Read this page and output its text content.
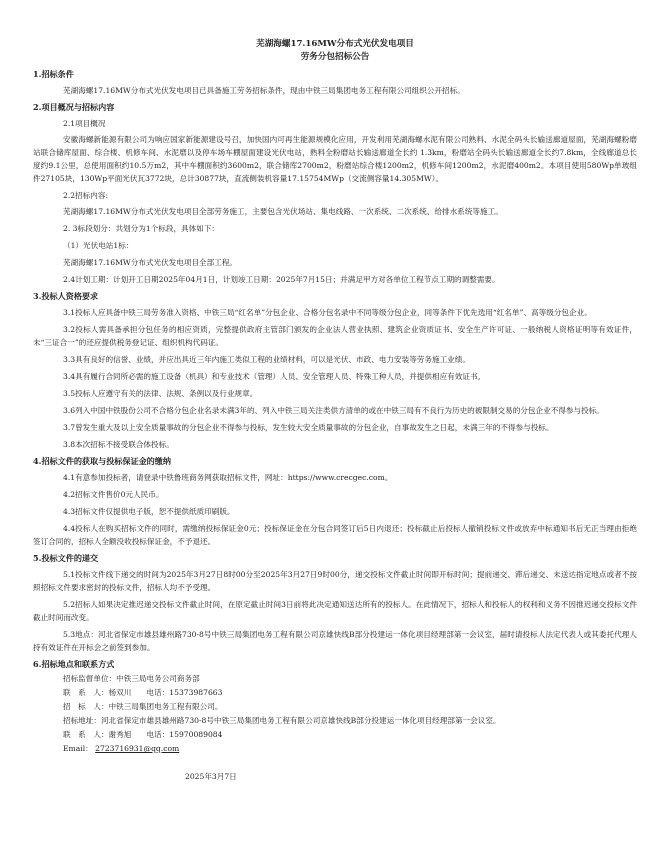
芜湖海螺17.16MW分布式光伏发电项目
劳务分包招标公告
1.招标条件
芜湖海螺17.16MW分布式光伏发电项目已具备施工劳务招标条件，现由中铁三局集团电务工程有限公司组织公开招标。
2.项目概况与招标内容
2.1项目概况
安徽海螺新能源有限公司为响应国家新能源建设号召，加快国内可再生能源规模化应用，开发利用芜湖海螺水泥有限公司熟料、水泥全码头长输送廊道屋面，芜湖海螺粉磨站联合储库屋面、综合楼、机修车间、水泥磨以及停车场车棚屋面建设光伏电站，熟料全粉磨站长输送廊道全长约 1.3km，粉磨站全码头长输送廊道全长约7.8km，全线廊道总长度约9.1公里，总使用面积约10.5万m2，其中车棚面积约3600m2，联合储库2700m2，粉磨站综合楼1200m2，机修车间1200m2，水泥磨400m2。本项目使用580Wp单玻组件27105块，130Wp平面光伏瓦3772块，总计30877块，直流侧装机容量17.15754MWp（交流侧容量14.305MW）。
2.2招标内容:
芜湖海螺17.16MW分布式光伏发电项目全部劳务施工，主要包含光伏场站、集电线路、一次系统、二次系统、给排水系统等施工。
2. 3标段划分：共划分为1个标段，具体如下：
（1）光伏电站1标：
芜湖海螺17.16MW分布式光伏发电项目全部工程。
2.4计划工期：计划开工日期2025年04月1日，计划竣工日期：2025年7月15日；并满足甲方对各单位工程节点工期的调整需要。
3.投标人资格要求
3.1投标人应具备中铁三局劳务准入资格、中铁三局“红名单”分包企业、合格分包名录中不同等级分包企业，同等条件下优先选用“红名单”、高等级分包企业。
3.2投标人需具备承担分包任务的相应资质，完整提供政府主管部门颁发的企业法人营业执照、建筑企业资质证书、安全生产许可证、一般纳税人资格证明等有效证件，未“三证合一”的还应提供税务登记证、组织机构代码证。
3.3具有良好的信誉、业绩，并应出具近三年内施工类似工程的业绩材料，可以是光伏、市政、电力安装等劳务施工业绩。
3.4具有履行合同所必需的施工设备（机具）和专业技术（管理）人员、安全管理人员、特殊工种人员，并提供相应有效证书。
3.5投标人应遵守有关的法律、法规、条例以及行业规章。
3.6列入中国中铁股份公司不合格分包企业名录未满3年的、列入中铁三局关注类供方清单的或在中铁三局有不良行为历史的被限制交易的分包企业不得参与投标。
3.7曾发生重大及以上安全质量事故的分包企业不得参与投标，发生较大安全质量事故的分包企业，自事故发生之日起，未满三年的不得参与投标。
3.8本次招标不接受联合体投标。
4.招标文件的获取与投标保证金的缴纳
4.1有意参加投标者，请登录中铁鲁班商务网获取招标文件，网址：https://www.crecgec.com。
4.2招标文件售价0元人民币。
4.3招标文件仅提供电子版，恕不提供纸质印刷版。
4.4投标人在购买招标文件的同时，需缴纳投标保证金0元；投标保证金在分包合同签订后5日内退还；投标截止后投标人撤销投标文件或放弃中标通知书后无正当理由拒绝签订合同的，招标人全额没收投标保证金，不予退还。
5.投标文件的递交
5.1投标文件线下递交的时间为2025年3月27日8时00分至2025年3月27日9时00分，递交投标文件截止时间即开标时间；提前递交、滞后递交、未送达指定地点或者不按照招标文件要求密封的投标文件，招标人均不予受理。
5.2招标人如果决定推迟递交投标文件截止时间，在原定截止时间3日前将此决定通知送达所有的投标人。在此情况下，招标人和投标人的权利和义务不因推迟递交投标文件截止时间而改变。
5.3地点：河北省保定市雄县雄州路730-8号中铁三局集团电务工程有限公司京雄快线B部分投建运一体化项目经理部第一会议室，届时请投标人法定代表人或其委托代理人持有效证件在开标会之前签到参加。
6.招标地点和联系方式
招标监督单位：中铁三局电务公司商务部
联　系　人：杨双川　　电话：15373987663
招　标　人：中铁三局集团电务工程有限公司。
招标地址：河北省保定市雄县雄州路730-8号中铁三局集团电务工程有限公司京雄快线B部分投建运一体化项目经理部第一会议室。
联　系　人：谢秀旭　　电话：15970089084
Email： 2723716931@qq.com
2025年3月7日
